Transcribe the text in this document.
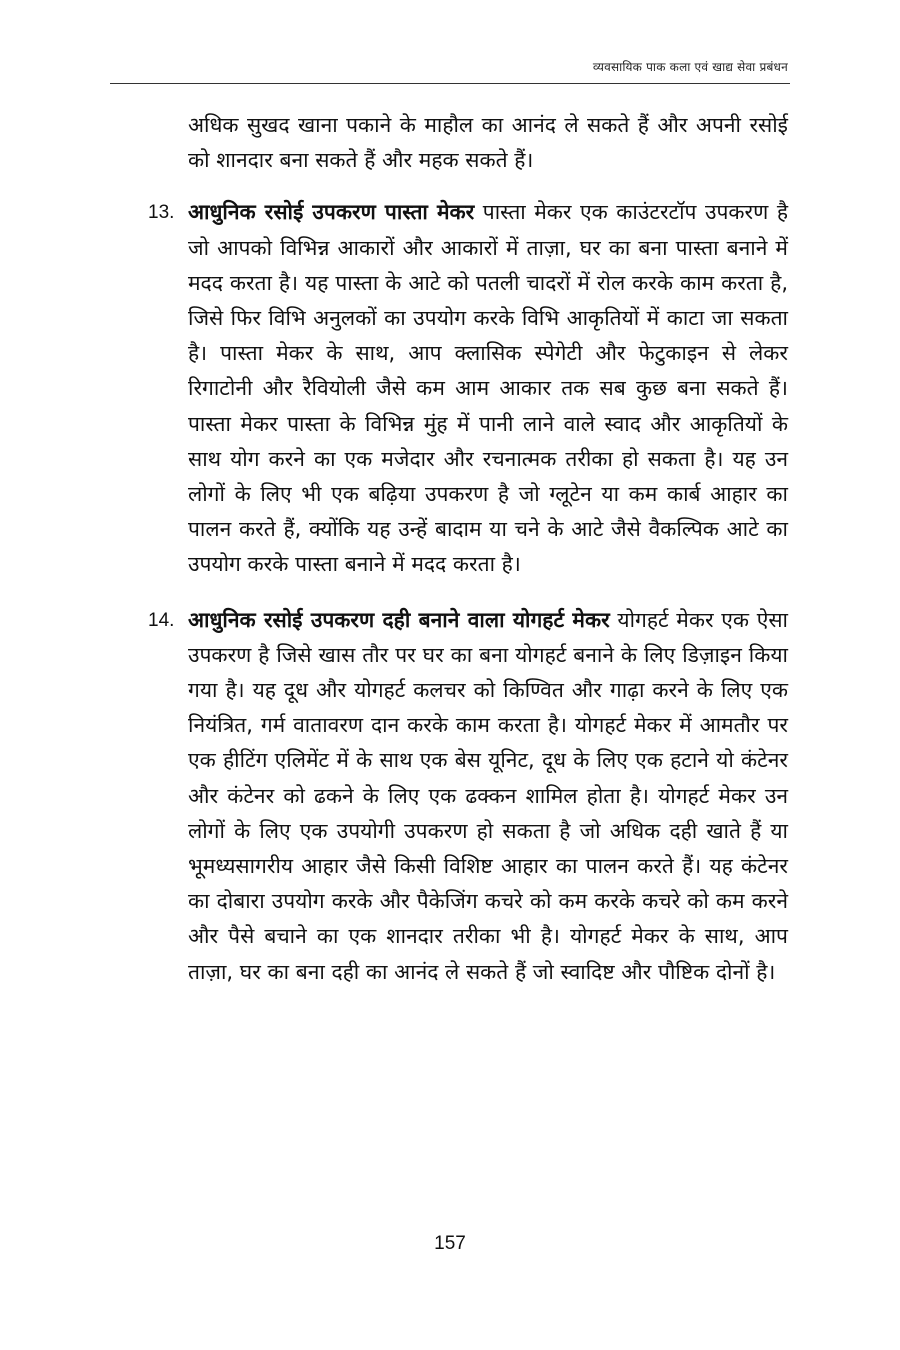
व्यवसायिक पाक कला एवं खाद्य सेवा प्रबंधन

अधिक सुखद खाना पकाने के माहौल का आनंद ले सकते हैं और अपनी रसोई को शानदार बना सकते हैं और महक सकते हैं।

13. आधुनिक रसोई उपकरण पास्ता मेकर पास्ता मेकर एक काउंटरटॉप उपकरण है जो आपको विभिन्न आकारों और आकारों में ताज़ा, घर का बना पास्ता बनाने में मदद करता है। यह पास्ता के आटे को पतली चादरों में रोल करके काम करता है, जिसे फिर विभि अनुलकों का उपयोग करके विभि आकृतियों में काटा जा सकता है। पास्ता मेकर के साथ, आप क्लासिक स्पेगेटी और फेटुकाइन से लेकर रिगाटोनी और रैवियोली जैसे कम आम आकार तक सब कुछ बना सकते हैं। पास्ता मेकर पास्ता के विभिन्न मुंह में पानी लाने वाले स्वाद और आकृतियों के साथ योग करने का एक मजेदार और रचनात्मक तरीका हो सकता है। यह उन लोगों के लिए भी एक बढ़िया उपकरण है जो ग्लूटेन या कम कार्ब आहार का पालन करते हैं, क्योंकि यह उन्हें बादाम या चने के आटे जैसे वैकल्पिक आटे का उपयोग करके पास्ता बनाने में मदद करता है।

14. आधुनिक रसोई उपकरण दही बनाने वाला योगहर्ट मेकर योगहर्ट मेकर एक ऐसा उपकरण है जिसे खास तौर पर घर का बना योगहर्ट बनाने के लिए डिज़ाइन किया गया है। यह दूध और योगहर्ट कलचर को किण्वित और गाढ़ा करने के लिए एक नियंत्रित, गर्म वातावरण दान करके काम करता है। योगहर्ट मेकर में आमतौर पर एक हीटिंग एलिमेंट में के साथ एक बेस यूनिट, दूध के लिए एक हटाने यो कंटेनर और कंटेनर को ढकने के लिए एक ढक्कन शामिल होता है। योगहर्ट मेकर उन लोगों के लिए एक उपयोगी उपकरण हो सकता है जो अधिक दही खाते हैं या भूमध्यसागरीय आहार जैसे किसी विशिष्ट आहार का पालन करते हैं। यह कंटेनर का दोबारा उपयोग करके और पैकेजिंग कचरे को कम करके कचरे को कम करने और पैसे बचाने का एक शानदार तरीका भी है। योगहर्ट मेकर के साथ, आप ताज़ा, घर का बना दही का आनंद ले सकते हैं जो स्वादिष्ट और पौष्टिक दोनों है।

157
